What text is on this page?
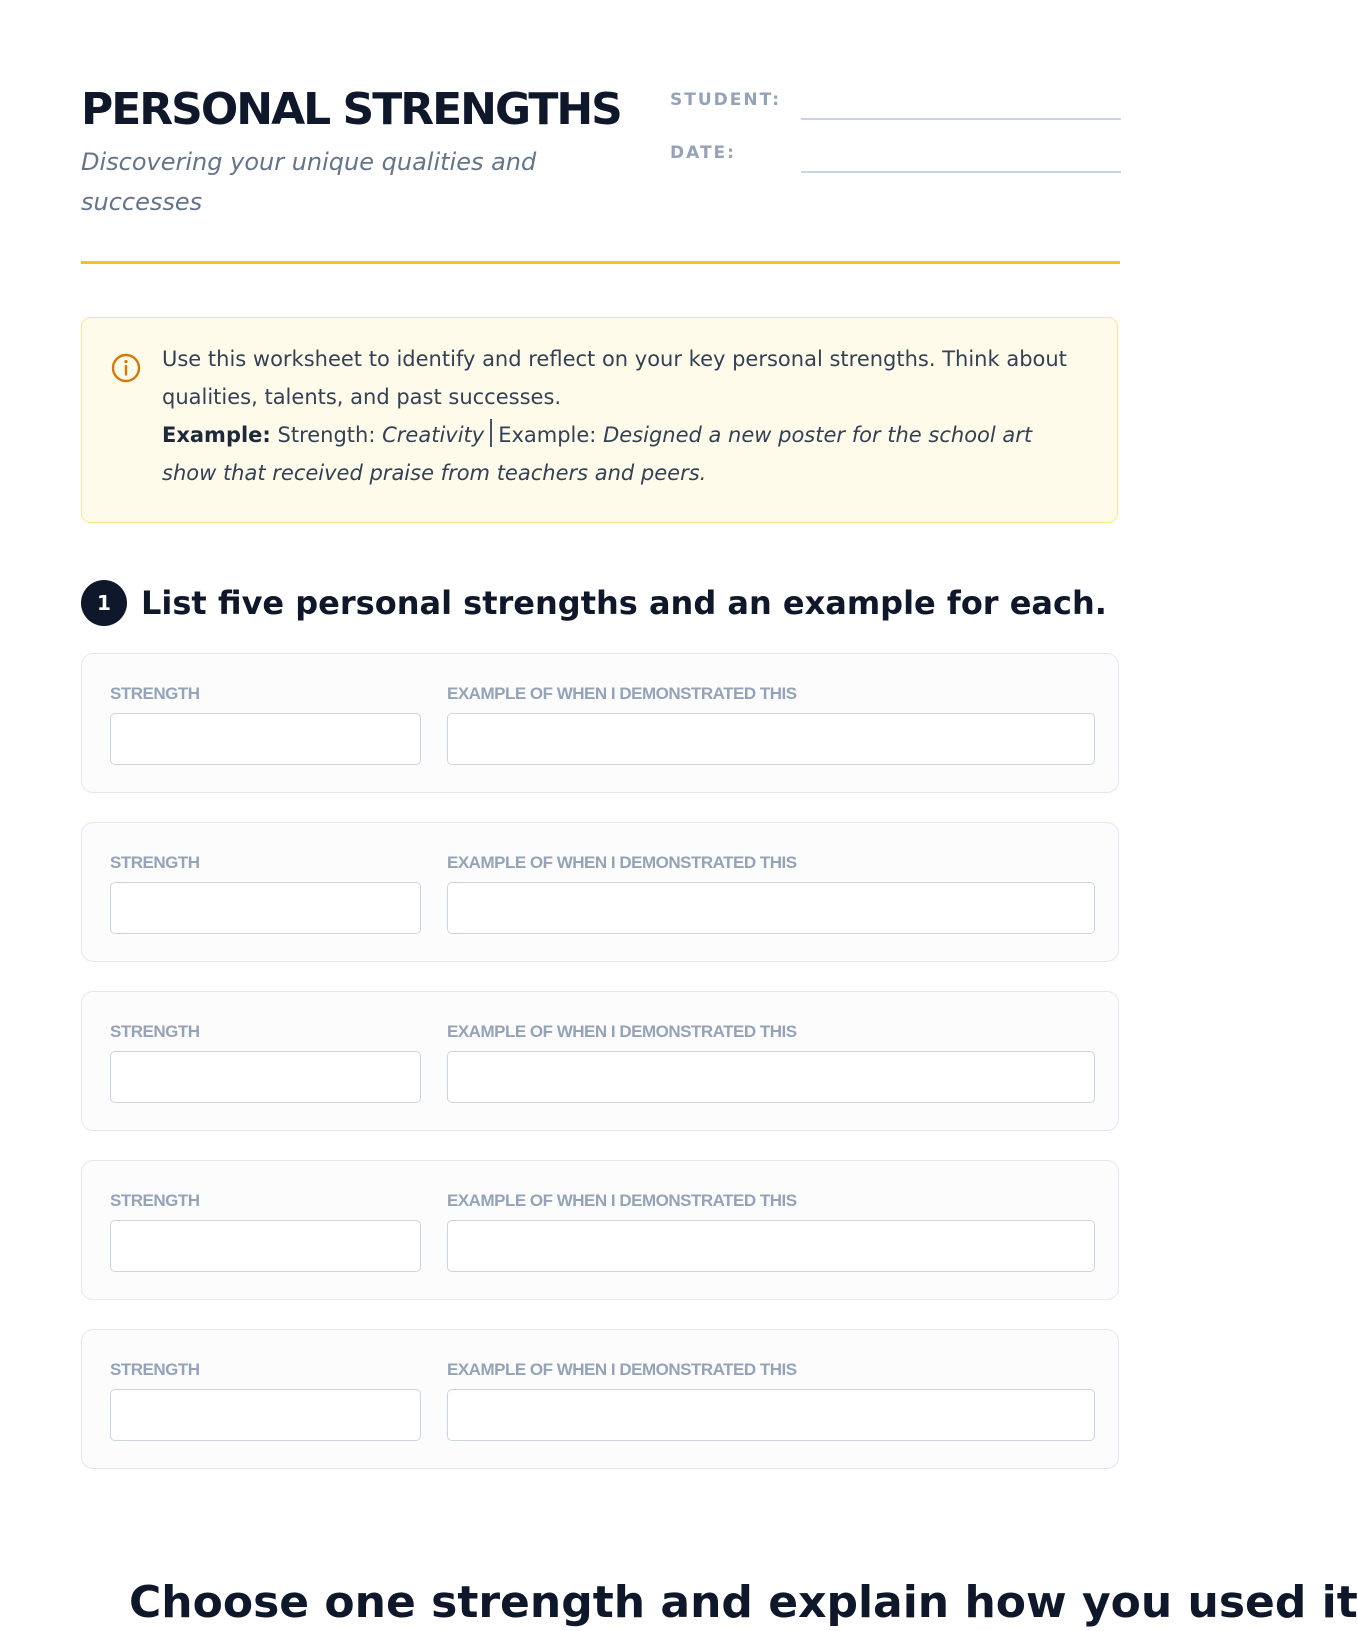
PERSONAL STRENGTHS

Discovering your unique qualities and successes

STUDENT:
DATE:
Use this worksheet to identify and reflect on your key personal strengths. Think about qualities, talents, and past successes.
Example: Strength: Creativity Example: Designed a new poster for the school art show that received praise from teachers and peers.
1 List five personal strengths and an example for each.
STRENGTH	EXAMPLE OF WHEN I DEMONSTRATED THIS
STRENGTH	EXAMPLE OF WHEN I DEMONSTRATED THIS
STRENGTH	EXAMPLE OF WHEN I DEMONSTRATED THIS
STRENGTH	EXAMPLE OF WHEN I DEMONSTRATED THIS
STRENGTH	EXAMPLE OF WHEN I DEMONSTRATED THIS
Choose one strength and explain how you used it
